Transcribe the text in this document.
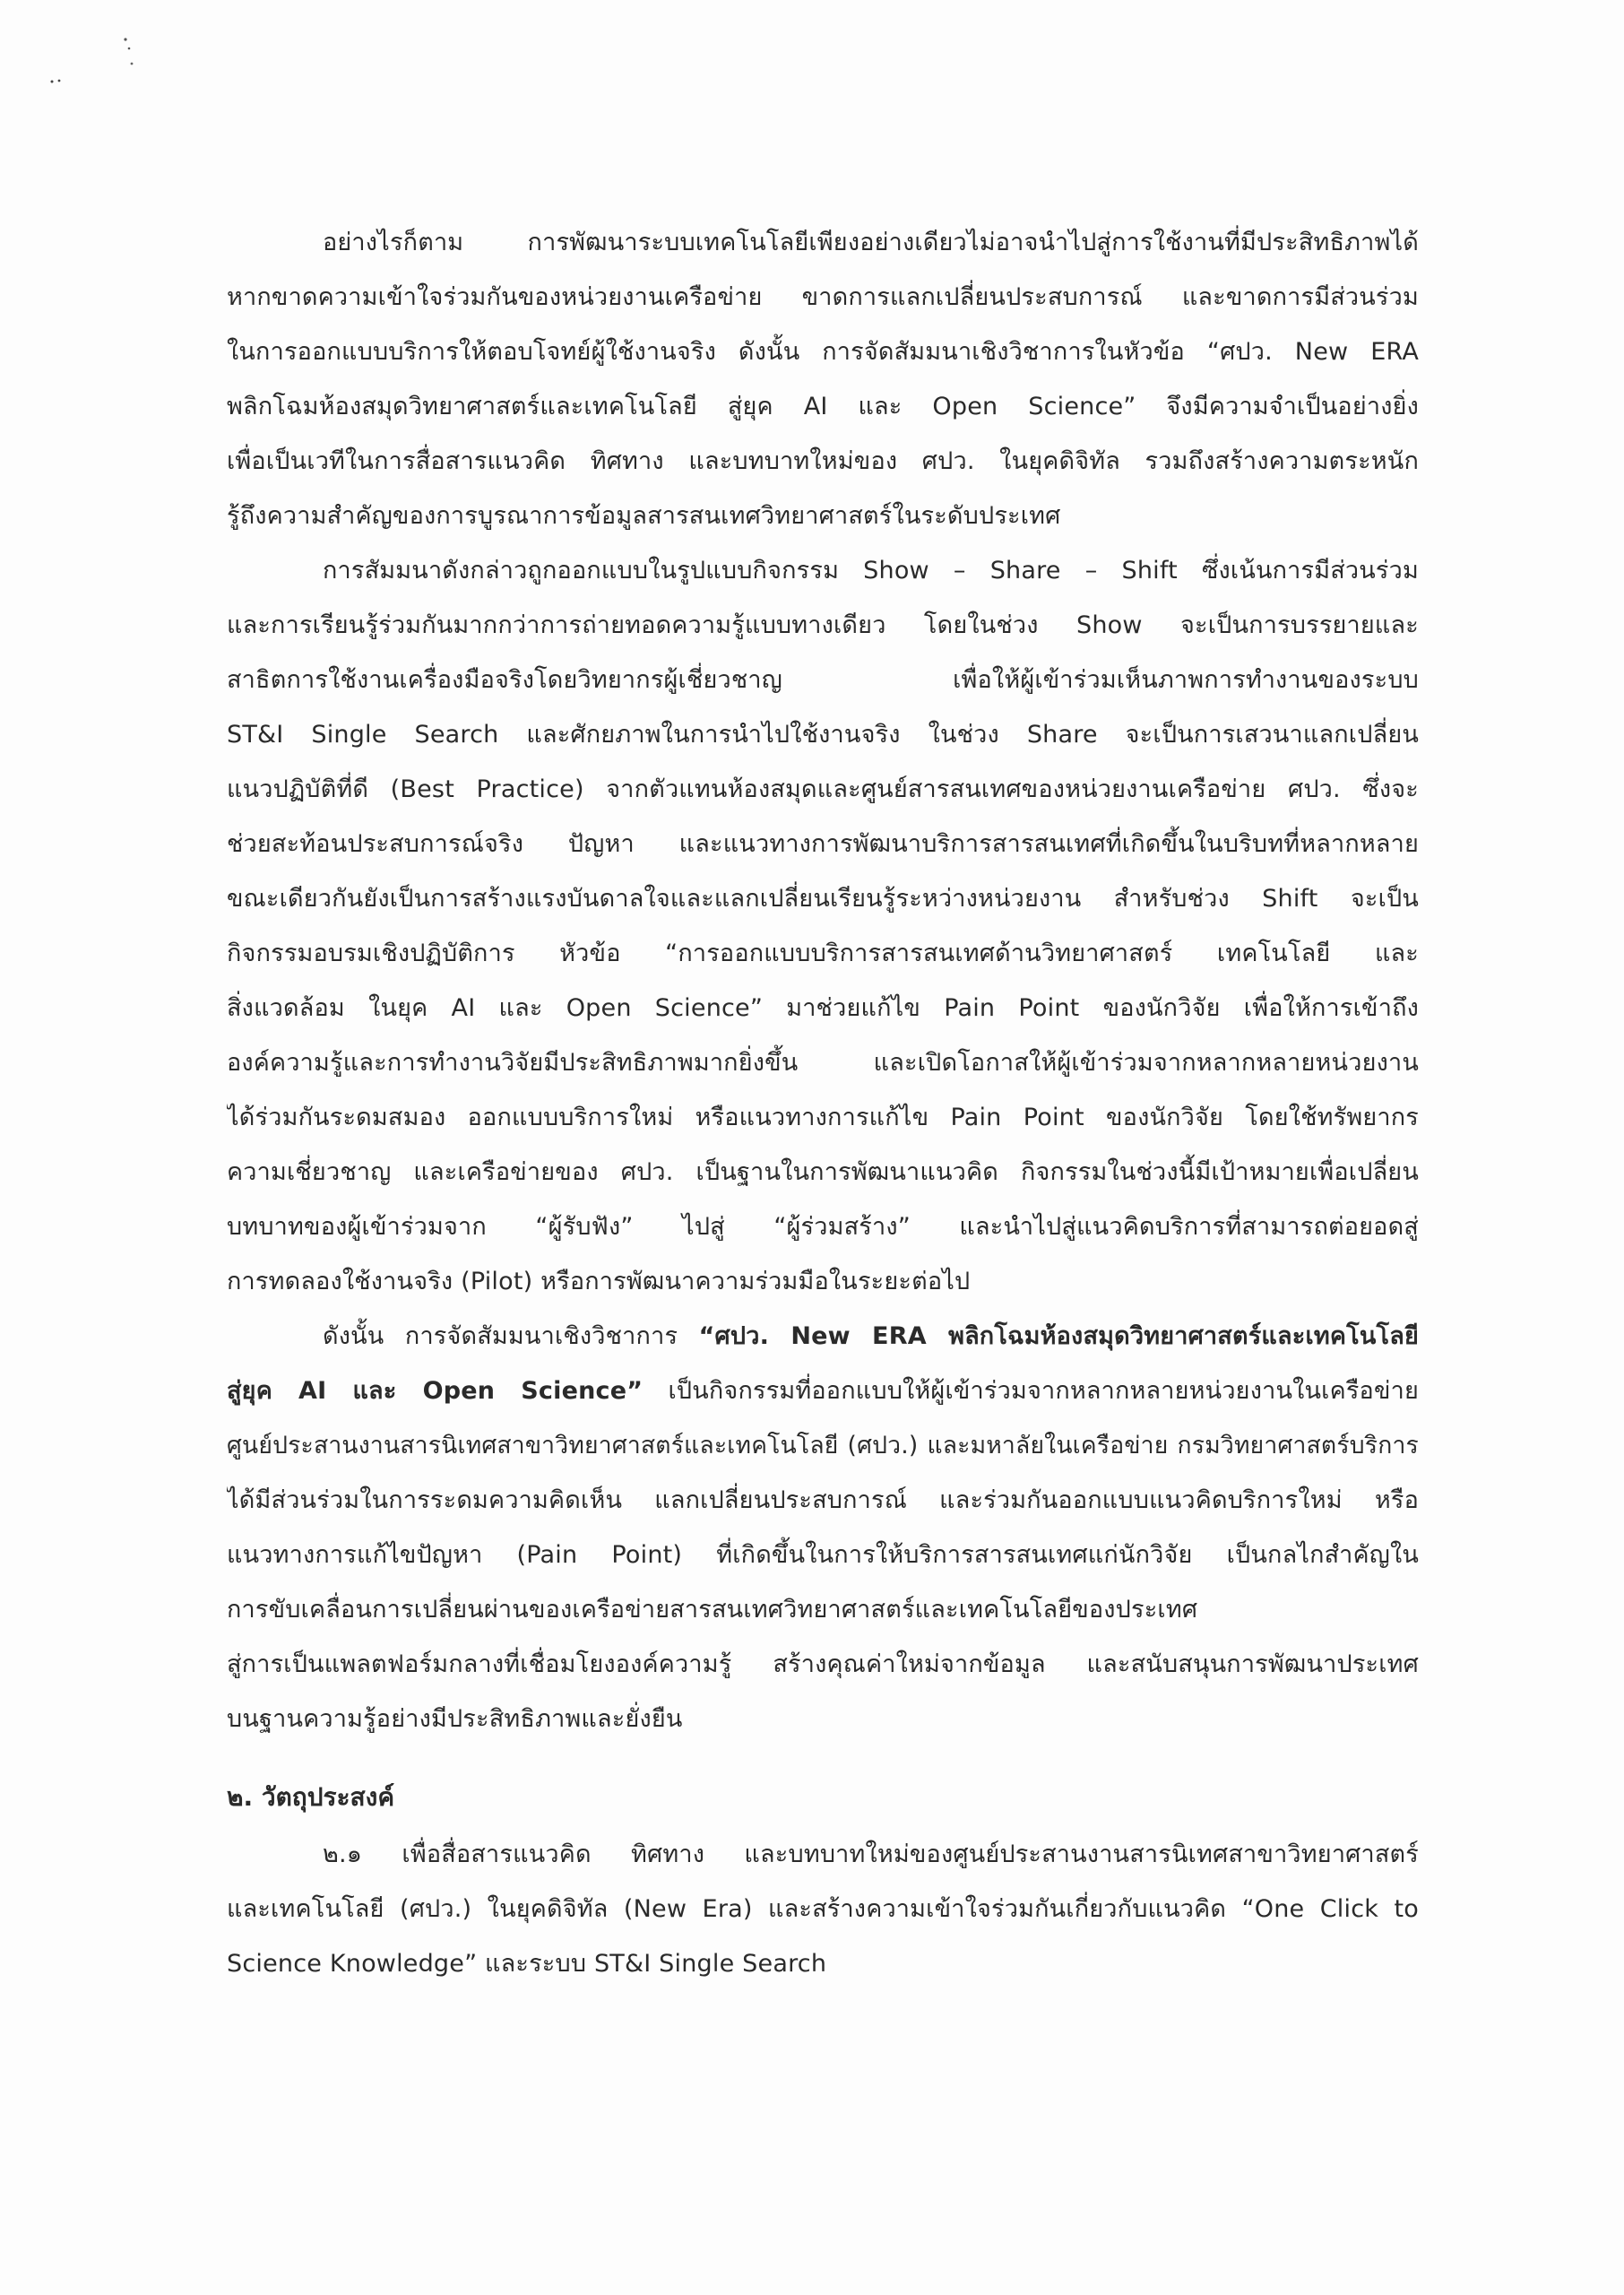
อย่างไรก็ตาม การพัฒนาระบบเทคโนโลยีเพียงอย่างเดียวไม่อาจนำไปสู่การใช้งานที่มีประสิทธิภาพได้

หากขาดความเข้าใจร่วมกันของหน่วยงานเครือข่าย ขาดการแลกเปลี่ยนประสบการณ์ และขาดการมีส่วนร่วม

ในการออกแบบบริการให้ตอบโจทย์ผู้ใช้งานจริง ดังนั้น การจัดสัมมนาเชิงวิชาการในหัวข้อ “ศปว. New ERA

พลิกโฉมห้องสมุดวิทยาศาสตร์และเทคโนโลยี สู่ยุค AI และ Open Science” จึงมีความจำเป็นอย่างยิ่ง

เพื่อเป็นเวทีในการสื่อสารแนวคิด ทิศทาง และบทบาทใหม่ของ ศปว. ในยุคดิจิทัล รวมถึงสร้างความตระหนัก

รู้ถึงความสำคัญของการบูรณาการข้อมูลสารสนเทศวิทยาศาสตร์ในระดับประเทศ

การสัมมนาดังกล่าวถูกออกแบบในรูปแบบกิจกรรม Show – Share – Shift ซึ่งเน้นการมีส่วนร่วม

และการเรียนรู้ร่วมกันมากกว่าการถ่ายทอดความรู้แบบทางเดียว โดยในช่วง Show จะเป็นการบรรยายและ

สาธิตการใช้งานเครื่องมือจริงโดยวิทยากรผู้เชี่ยวชาญ เพื่อให้ผู้เข้าร่วมเห็นภาพการทำงานของระบบ

ST&I Single Search และศักยภาพในการนำไปใช้งานจริง ในช่วง Share จะเป็นการเสวนาแลกเปลี่ยน

แนวปฏิบัติที่ดี (Best Practice) จากตัวแทนห้องสมุดและศูนย์สารสนเทศของหน่วยงานเครือข่าย ศปว. ซึ่งจะ

ช่วยสะท้อนประสบการณ์จริง ปัญหา และแนวทางการพัฒนาบริการสารสนเทศที่เกิดขึ้นในบริบทที่หลากหลาย

ขณะเดียวกันยังเป็นการสร้างแรงบันดาลใจและแลกเปลี่ยนเรียนรู้ระหว่างหน่วยงาน สำหรับช่วง Shift จะเป็น

กิจกรรมอบรมเชิงปฏิบัติการ หัวข้อ “การออกแบบบริการสารสนเทศด้านวิทยาศาสตร์ เทคโนโลยี และ

สิ่งแวดล้อม ในยุค AI และ Open Science” มาช่วยแก้ไข Pain Point ของนักวิจัย เพื่อให้การเข้าถึง

องค์ความรู้และการทำงานวิจัยมีประสิทธิภาพมากยิ่งขึ้น และเปิดโอกาสให้ผู้เข้าร่วมจากหลากหลายหน่วยงาน

ได้ร่วมกันระดมสมอง ออกแบบบริการใหม่ หรือแนวทางการแก้ไข Pain Point ของนักวิจัย โดยใช้ทรัพยากร

ความเชี่ยวชาญ และเครือข่ายของ ศปว. เป็นฐานในการพัฒนาแนวคิด กิจกรรมในช่วงนี้มีเป้าหมายเพื่อเปลี่ยน

บทบาทของผู้เข้าร่วมจาก “ผู้รับฟัง” ไปสู่ “ผู้ร่วมสร้าง” และนำไปสู่แนวคิดบริการที่สามารถต่อยอดสู่

การทดลองใช้งานจริง (Pilot) หรือการพัฒนาความร่วมมือในระยะต่อไป

ดังนั้น การจัดสัมมนาเชิงวิชาการ “ศปว. New ERA พลิกโฉมห้องสมุดวิทยาศาสตร์และเทคโนโลยี

สู่ยุค AI และ Open Science” เป็นกิจกรรมที่ออกแบบให้ผู้เข้าร่วมจากหลากหลายหน่วยงานในเครือข่าย

ศูนย์ประสานงานสารนิเทศสาขาวิทยาศาสตร์และเทคโนโลยี (ศปว.) และมหาลัยในเครือข่าย กรมวิทยาศาสตร์บริการ

ได้มีส่วนร่วมในการระดมความคิดเห็น แลกเปลี่ยนประสบการณ์ และร่วมกันออกแบบแนวคิดบริการใหม่ หรือ

แนวทางการแก้ไขปัญหา (Pain Point) ที่เกิดขึ้นในการให้บริการสารสนเทศแก่นักวิจัย เป็นกลไกสำคัญใน

การขับเคลื่อนการเปลี่ยนผ่านของเครือข่ายสารสนเทศวิทยาศาสตร์และเทคโนโลยีของประเทศ

สู่การเป็นแพลตฟอร์มกลางที่เชื่อมโยงองค์ความรู้ สร้างคุณค่าใหม่จากข้อมูล และสนับสนุนการพัฒนาประเทศ

บนฐานความรู้อย่างมีประสิทธิภาพและยั่งยืน

๒. วัตถุประสงค์

๒.๑ เพื่อสื่อสารแนวคิด ทิศทาง และบทบาทใหม่ของศูนย์ประสานงานสารนิเทศสาขาวิทยาศาสตร์

และเทคโนโลยี (ศปว.) ในยุคดิจิทัล (New Era) และสร้างความเข้าใจร่วมกันเกี่ยวกับแนวคิด “One Click to

Science Knowledge” และระบบ ST&I Single Search
